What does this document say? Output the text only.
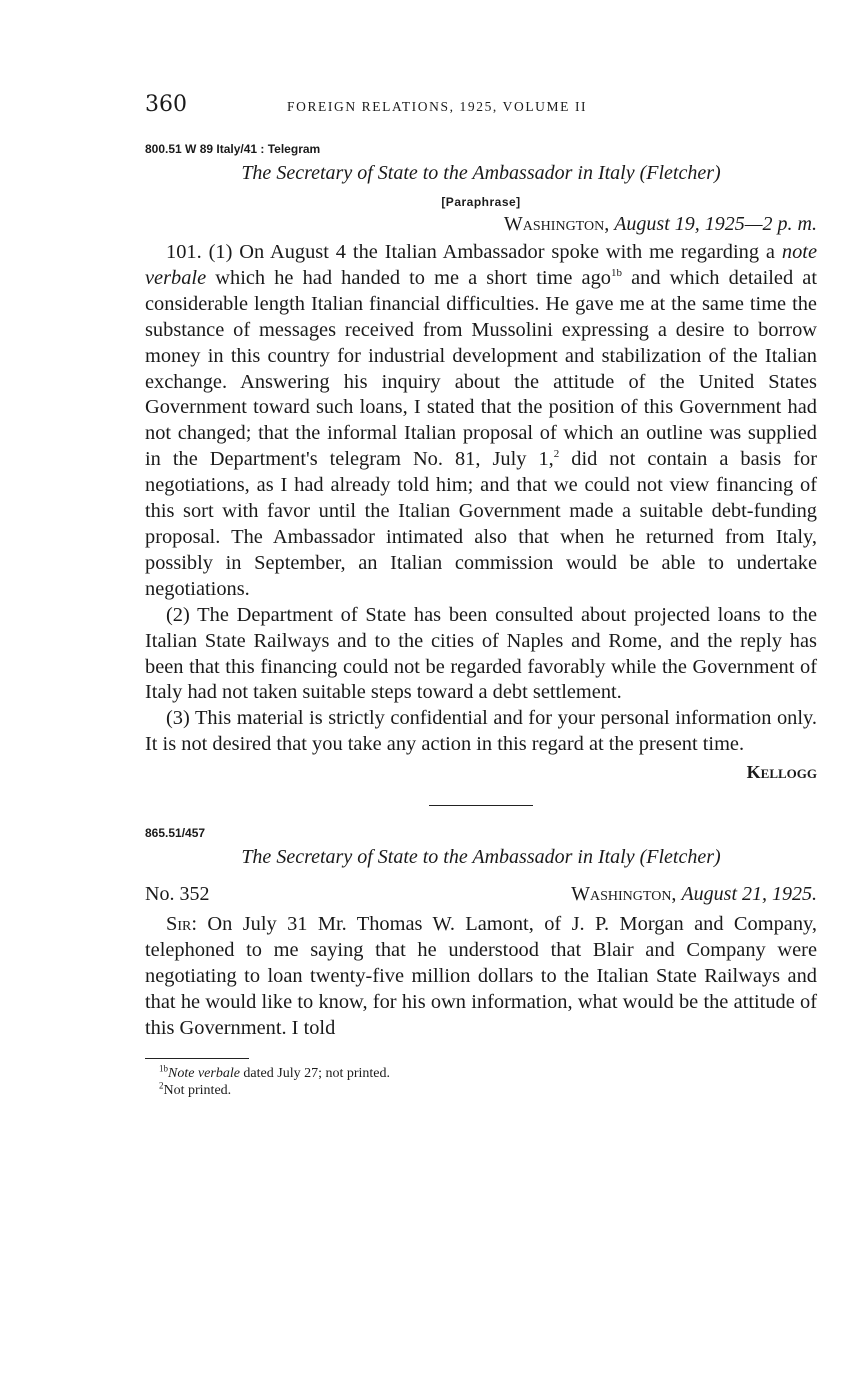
360	FOREIGN RELATIONS, 1925, VOLUME II
800.51 W 89 Italy/41 : Telegram
The Secretary of State to the Ambassador in Italy (Fletcher)
[Paraphrase]
Washington, August 19, 1925—2 p. m.

101. (1) On August 4 the Italian Ambassador spoke with me regarding a note verbale which he had handed to me a short time ago$^{1b}$ and which detailed at considerable length Italian financial difficulties. He gave me at the same time the substance of messages received from Mussolini expressing a desire to borrow money in this country for industrial development and stabilization of the Italian exchange. Answering his inquiry about the attitude of the United States Government toward such loans, I stated that the position of this Government had not changed; that the informal Italian proposal of which an outline was supplied in the Department's telegram No. 81, July 1,$^2$ did not contain a basis for negotiations, as I had already told him; and that we could not view financing of this sort with favor until the Italian Government made a suitable debt-funding proposal. The Ambassador intimated also that when he returned from Italy, possibly in September, an Italian commission would be able to undertake negotiations.

(2) The Department of State has been consulted about projected loans to the Italian State Railways and to the cities of Naples and Rome, and the reply has been that this financing could not be regarded favorably while the Government of Italy had not taken suitable steps toward a debt settlement.

(3) This material is strictly confidential and for your personal information only. It is not desired that you take any action in this regard at the present time.

Kellogg
865.51/457
The Secretary of State to the Ambassador in Italy (Fletcher)
No. 352	Washington, August 21, 1925.

Sir: On July 31 Mr. Thomas W. Lamont, of J. P. Morgan and Company, telephoned to me saying that he understood that Blair and Company were negotiating to loan twenty-five million dollars to the Italian State Railways and that he would like to know, for his own information, what would be the attitude of this Government. I told

$^{1b}$Note verbale dated July 27; not printed.

$^2$Not printed.
